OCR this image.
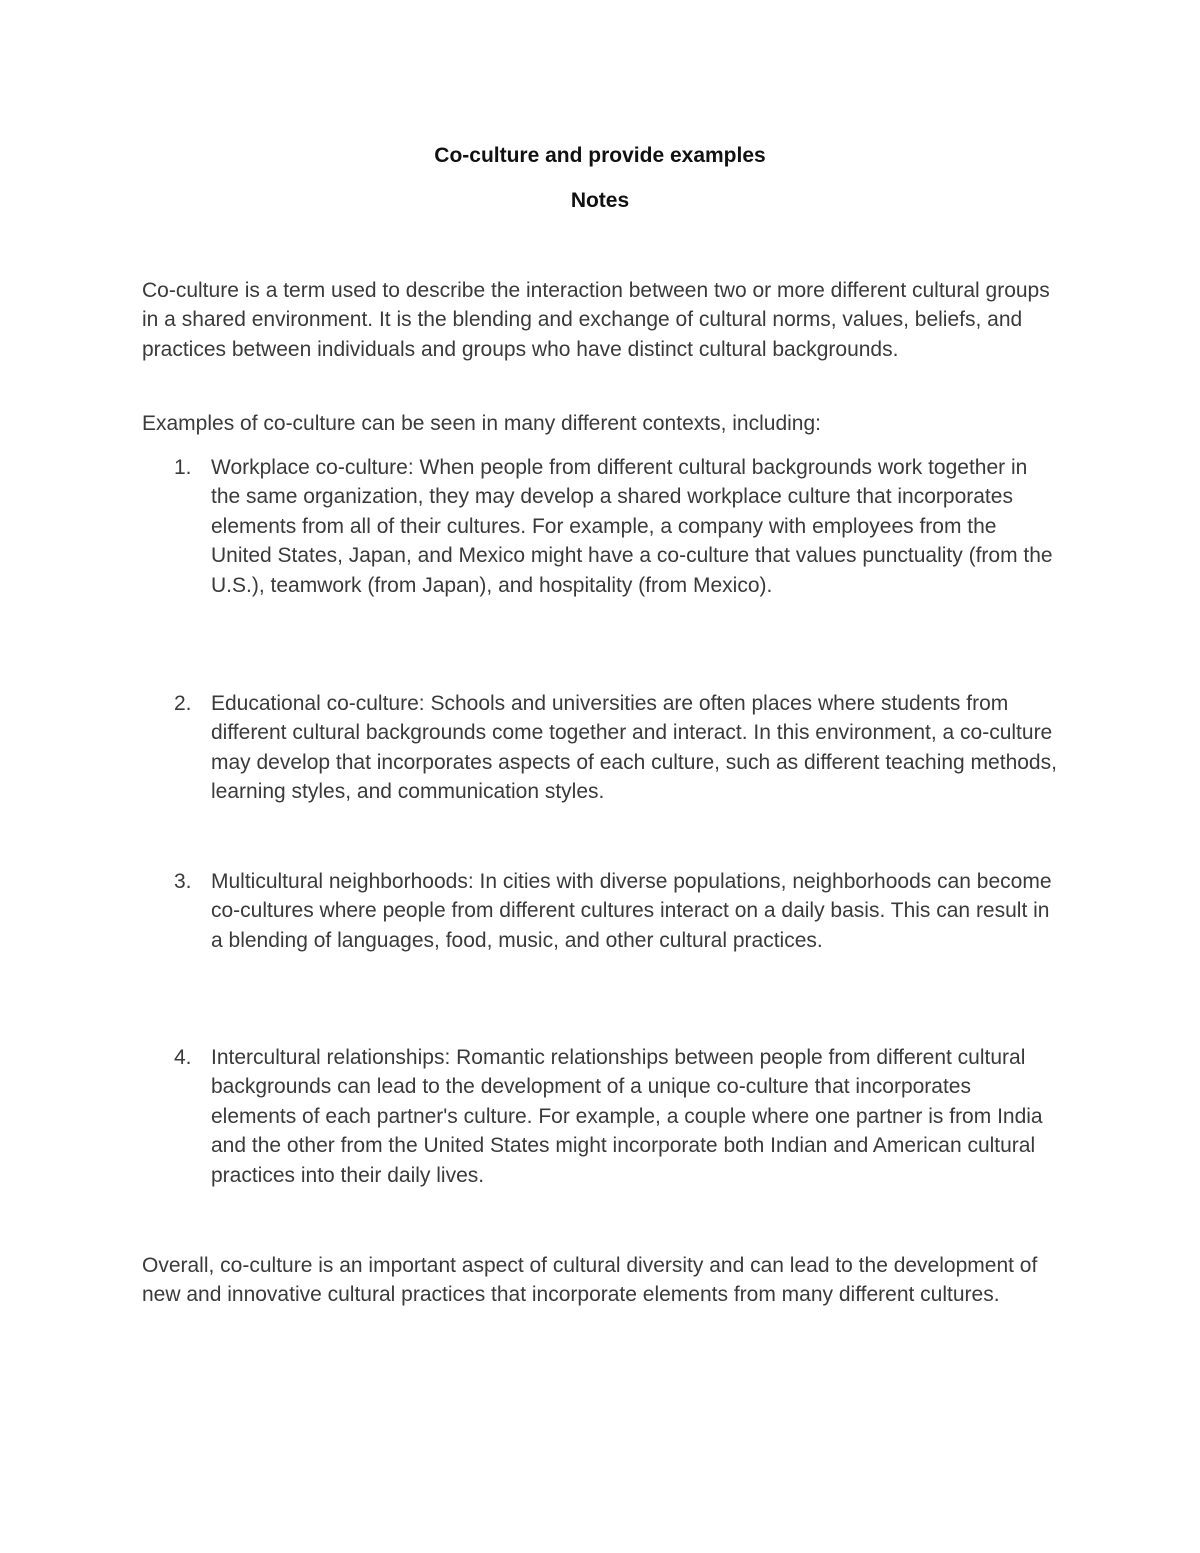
Co-culture and provide examples
Notes

Co-culture is a term used to describe the interaction between two or more different cultural groups in a shared environment. It is the blending and exchange of cultural norms, values, beliefs, and practices between individuals and groups who have distinct cultural backgrounds.

Examples of co-culture can be seen in many different contexts, including:

1. Workplace co-culture: When people from different cultural backgrounds work together in the same organization, they may develop a shared workplace culture that incorporates elements from all of their cultures. For example, a company with employees from the United States, Japan, and Mexico might have a co-culture that values punctuality (from the U.S.), teamwork (from Japan), and hospitality (from Mexico).
2. Educational co-culture: Schools and universities are often places where students from different cultural backgrounds come together and interact. In this environment, a co-culture may develop that incorporates aspects of each culture, such as different teaching methods, learning styles, and communication styles.
3. Multicultural neighborhoods: In cities with diverse populations, neighborhoods can become co-cultures where people from different cultures interact on a daily basis. This can result in a blending of languages, food, music, and other cultural practices.
4. Intercultural relationships: Romantic relationships between people from different cultural backgrounds can lead to the development of a unique co-culture that incorporates elements of each partner's culture. For example, a couple where one partner is from India and the other from the United States might incorporate both Indian and American cultural practices into their daily lives.

Overall, co-culture is an important aspect of cultural diversity and can lead to the development of new and innovative cultural practices that incorporate elements from many different cultures.
